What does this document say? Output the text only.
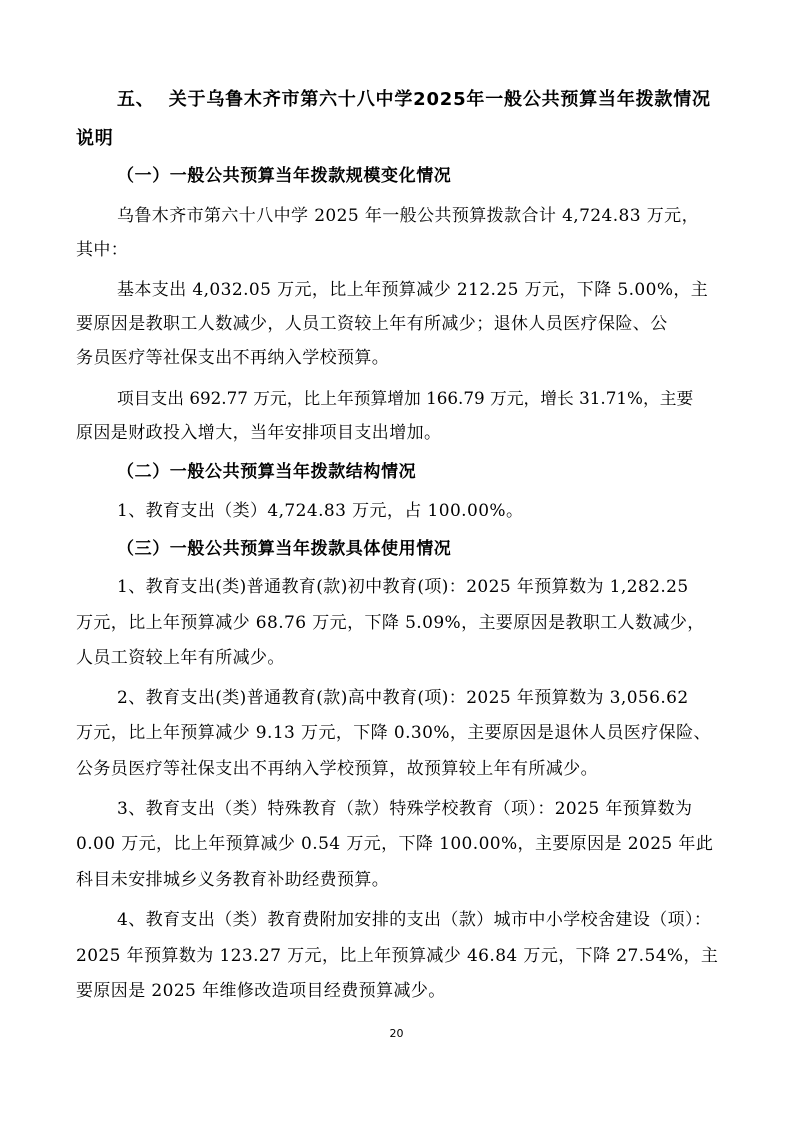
五、  关于乌鲁木齐市第六十八中学2025年一般公共预算当年拨款情况
说明
（一）一般公共预算当年拨款规模变化情况
乌鲁木齐市第六十八中学 2025 年一般公共预算拨款合计 4,724.83 万元，
其中：
基本支出 4,032.05 万元，比上年预算减少 212.25 万元，下降 5.00%，主
要原因是教职工人数减少，人员工资较上年有所减少；退休人员医疗保险、公
务员医疗等社保支出不再纳入学校预算。
项目支出 692.77 万元，比上年预算增加 166.79 万元，增长 31.71%，主要
原因是财政投入增大，当年安排项目支出增加。
（二）一般公共预算当年拨款结构情况
1、教育支出（类）4,724.83 万元，占 100.00%。
（三）一般公共预算当年拨款具体使用情况
1、教育支出(类)普通教育(款)初中教育(项)：2025 年预算数为 1,282.25
万元，比上年预算减少 68.76 万元，下降 5.09%，主要原因是教职工人数减少，
人员工资较上年有所减少。
2、教育支出(类)普通教育(款)高中教育(项)：2025 年预算数为 3,056.62
万元，比上年预算减少 9.13 万元，下降 0.30%，主要原因是退休人员医疗保险、
公务员医疗等社保支出不再纳入学校预算，故预算较上年有所减少。
3、教育支出（类）特殊教育（款）特殊学校教育（项）：2025 年预算数为
0.00 万元，比上年预算减少 0.54 万元，下降 100.00%，主要原因是 2025 年此
科目未安排城乡义务教育补助经费预算。
4、教育支出（类）教育费附加安排的支出（款）城市中小学校舍建设（项）：
2025 年预算数为 123.27 万元，比上年预算减少 46.84 万元，下降 27.54%，主
要原因是 2025 年维修改造项目经费预算减少。
20
